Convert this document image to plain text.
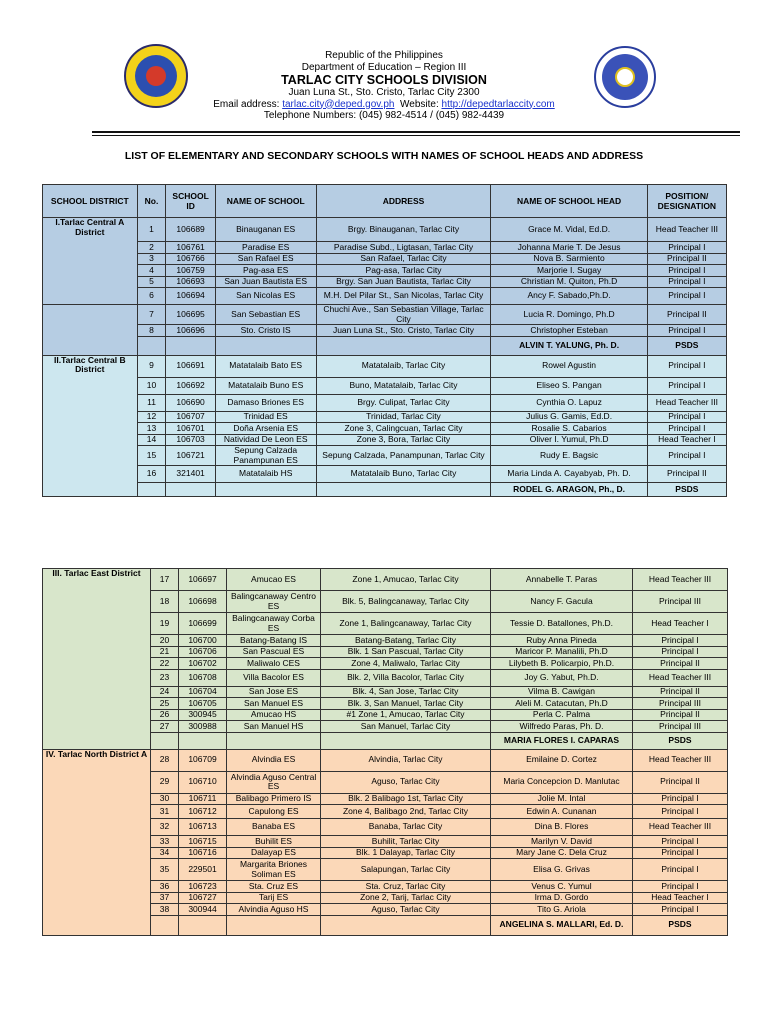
Republic of the Philippines
Department of Education – Region III
TARLAC CITY SCHOOLS DIVISION
Juan Luna St., Sto. Cristo, Tarlac City 2300
Email address: tarlac.city@deped.gov.ph  Website: http://depedtarlaccity.com
Telephone Numbers: (045) 982-4514 / (045) 982-4439
LIST OF ELEMENTARY AND SECONDARY SCHOOLS WITH NAMES OF SCHOOL HEADS AND ADDRESS
SCHOOL DISTRICT	No.	SCHOOL ID	NAME OF SCHOOL	ADDRESS	NAME OF SCHOOL HEAD	POSITION/ DESIGNATION
I.Tarlac Central A District	1	106689	Binauganan ES	Brgy. Binauganan, Tarlac City	Grace M. Vidal, Ed.D.	Head Teacher III
	2	106761	Paradise ES	Paradise Subd., Ligtasan, Tarlac City	Johanna Marie T. De Jesus	Principal I
	3	106766	San Rafael ES	San Rafael, Tarlac City	Nova B. Sarmiento	Principal II
	4	106759	Pag-asa ES	Pag-asa, Tarlac City	Marjorie I. Sugay	Principal I
	5	106693	San Juan Bautista ES	Brgy. San Juan Bautista, Tarlac City	Christian M. Quiton, Ph.D	Principal I
	6	106694	San Nicolas ES	M.H. Del Pilar St., San Nicolas, Tarlac City	Ancy F. Sabado,Ph.D.	Principal I
	7	106695	San Sebastian ES	Chuchi Ave., San Sebastian Village, Tarlac City	Lucia R. Domingo, Ph.D	Principal II
	8	106696	Sto. Cristo IS	Juan Luna St., Sto. Cristo, Tarlac City	Christopher Esteban	Principal I
					ALVIN T. YALUNG, Ph. D.	PSDS
II.Tarlac Central B District	9	106691	Matatalaib Bato ES	Matatalaib, Tarlac City	Rowel Agustin	Principal I
	10	106692	Matatalaib Buno ES	Buno, Matatalaib, Tarlac City	Eliseo S. Pangan	Principal I
	11	106690	Damaso Briones ES	Brgy. Culipat, Tarlac City	Cynthia O. Lapuz	Head Teacher III
	12	106707	Trinidad ES	Trinidad, Tarlac City	Julius G. Gamis, Ed.D.	Principal I
	13	106701	Doña Arsenia ES	Zone 3, Calingcuan, Tarlac City	Rosalie S. Cabarios	Principal I
	14	106703	Natividad De Leon ES	Zone 3, Bora, Tarlac City	Oliver I. Yumul, Ph.D	Head Teacher I
	15	106721	Sepung Calzada Panampunan ES	Sepung Calzada, Panampunan, Tarlac City	Rudy E. Bagsic	Principal I
	16	321401	Matatalaib HS	Matatalaib Buno, Tarlac City	Maria Linda A. Cayabyab, Ph. D.	Principal II
					RODEL G. ARAGON, Ph., D.	PSDS
III. Tarlac East District	17	106697	Amucao ES	Zone 1, Amucao, Tarlac City	Annabelle T. Paras	Head Teacher III
	18	106698	Balingcanaway Centro ES	Blk. 5, Balingcanaway, Tarlac City	Nancy F. Gacula	Principal III
	19	106699	Balingcanaway Corba ES	Zone 1, Balingcanaway, Tarlac City	Tessie D. Batallones, Ph.D.	Head Teacher I
	20	106700	Batang-Batang IS	Batang-Batang, Tarlac City	Ruby Anna Pineda	Principal I
	21	106706	San Pascual ES	Blk. 1 San Pascual, Tarlac City	Maricor P. Manalili, Ph.D	Principal I
	22	106702	Maliwalo CES	Zone 4, Maliwalo, Tarlac City	Lilybeth B. Policarpio, Ph.D.	Principal II
	23	106708	Villa Bacolor ES	Blk. 2, Villa Bacolor, Tarlac City	Joy G. Yabut, Ph.D.	Head Teacher III
	24	106704	San Jose ES	Blk. 4, San Jose, Tarlac City	Vilma B. Cawigan	Principal II
	25	106705	San Manuel ES	Blk. 3, San Manuel, Tarlac City	Aleli M. Catacutan, Ph.D	Principal III
	26	300945	Amucao HS	#1 Zone 1, Amucao, Tarlac City	Perla C. Palma	Principal II
	27	300988	San Manuel HS	San Manuel, Tarlac City	Wilfredo Paras, Ph. D.	Principal III
					MARIA FLORES I. CAPARAS	PSDS
IV. Tarlac North District A	28	106709	Alvindia ES	Alvindia, Tarlac City	Emilaine D. Cortez	Head Teacher III
	29	106710	Alvindia Aguso Central ES	Aguso, Tarlac City	Maria Concepcion D. Manlutac	Principal II
	30	106711	Balibago Primero IS	Blk. 2 Balibago 1st, Tarlac City	Jolie M. Intal	Principal I
	31	106712	Capulong ES	Zone 4, Balibago 2nd, Tarlac City	Edwin A. Cunanan	Principal I
	32	106713	Banaba ES	Banaba, Tarlac City	Dina B. Flores	Head Teacher III
	33	106715	Buhilit ES	Buhilit, Tarlac City	Marilyn V. David	Principal I
	34	106716	Dalayap ES	Blk. 1 Dalayap, Tarlac City	Mary Jane C. Dela Cruz	Principal I
	35	229501	Margarita Briones Soliman ES	Salapungan, Tarlac City	Elisa G. Grivas	Principal I
	36	106723	Sta. Cruz ES	Sta. Cruz, Tarlac City	Venus C. Yumul	Principal I
	37	106727	Tarij ES	Zone 2, Tarij, Tarlac City	Irma D. Gordo	Head Teacher I
	38	300944	Alvindia Aguso HS	Aguso, Tarlac City	Tito G. Ariola	Principal I
					ANGELINA S. MALLARI, Ed. D.	PSDS
